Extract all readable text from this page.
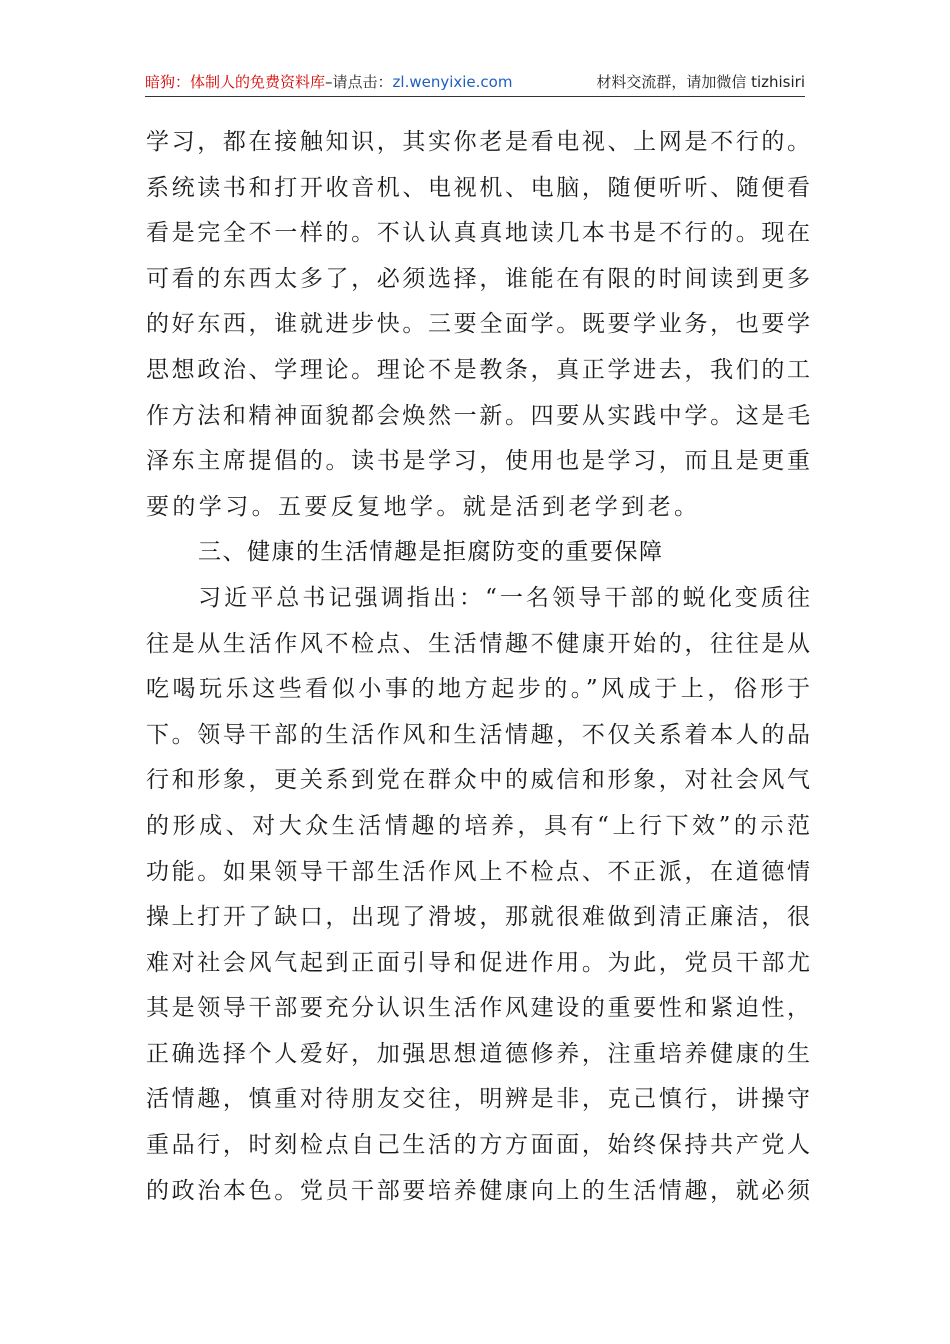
暗狗：体制人的免费资料库–请点击：zl.wenyixie.com	材料交流群，请加微信 tizhisiri
学习，都在接触知识，其实你老是看电视、上网是不行的。
系统读书和打开收音机、电视机、电脑，随便听听、随便看
看是完全不一样的。不认认真真地读几本书是不行的。现在
可看的东西太多了，必须选择，谁能在有限的时间读到更多
的好东西，谁就进步快。三要全面学。既要学业务，也要学
思想政治、学理论。理论不是教条，真正学进去，我们的工
作方法和精神面貌都会焕然一新。四要从实践中学。这是毛
泽东主席提倡的。读书是学习，使用也是学习，而且是更重
要的学习。五要反复地学。就是活到老学到老。
三、健康的生活情趣是拒腐防变的重要保障
习近平总书记强调指出：“一名领导干部的蜕化变质往
往是从生活作风不检点、生活情趣不健康开始的，往往是从
吃喝玩乐这些看似小事的地方起步的。”风成于上，俗形于
下。领导干部的生活作风和生活情趣，不仅关系着本人的品
行和形象，更关系到党在群众中的威信和形象，对社会风气
的形成、对大众生活情趣的培养，具有“上行下效”的示范
功能。如果领导干部生活作风上不检点、不正派，在道德情
操上打开了缺口，出现了滑坡，那就很难做到清正廉洁，很
难对社会风气起到正面引导和促进作用。为此，党员干部尤
其是领导干部要充分认识生活作风建设的重要性和紧迫性，
正确选择个人爱好，加强思想道德修养，注重培养健康的生
活情趣，慎重对待朋友交往，明辨是非，克己慎行，讲操守
重品行，时刻检点自己生活的方方面面，始终保持共产党人
的政治本色。党员干部要培养健康向上的生活情趣，就必须
